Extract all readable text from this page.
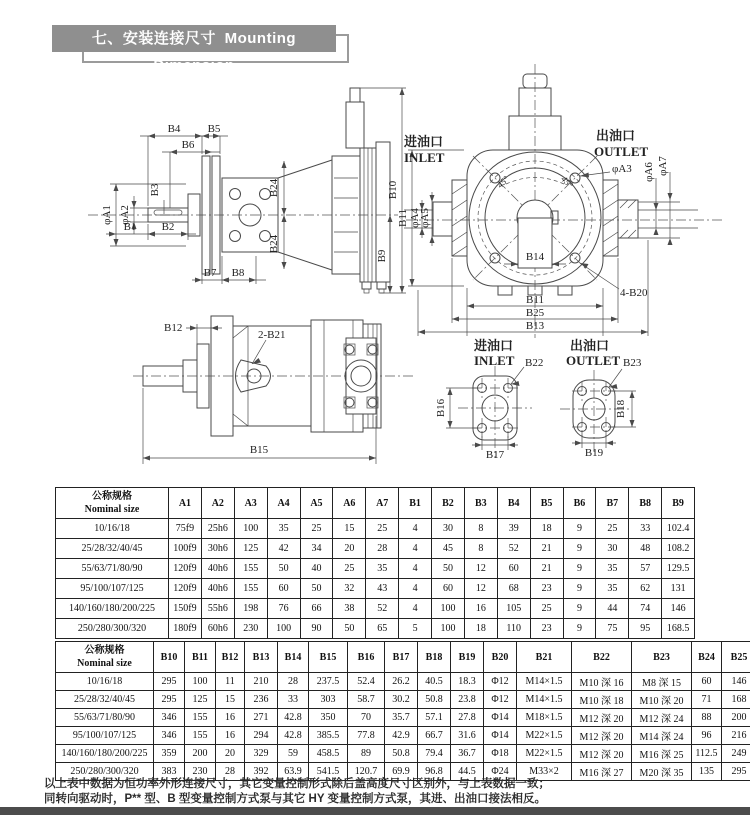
七、安装连接尺寸 Mounting Dimension
B4 B5
B6
B3
φA1 φA2
B1 B2
B24
B24
B10
B9
B7 B8
进油口
INLET
出油口
OUTLET
φA3 φA6 φA7
φA4
φA5
B11
B14
4-B20
45°	45°
B11
B25
B13
B12
2-B21
B15
进油口
INLET
出油口
OUTLET
B22	B23
B16
B17
B18
B19
公称规格
Nominal size	A1	A2	A3	A4	A5	A6	A7	B1	B2	B3	B4	B5	B6	B7	B8	B9
10/16/18	75f9	25h6	100	35	25	15	25	4	30	8	39	18	9	25	33	102.4
25/28/32/40/45	100f9	30h6	125	42	34	20	28	4	45	8	52	21	9	30	48	108.2
55/63/71/80/90	120f9	40h6	155	50	40	25	35	4	50	12	60	21	9	35	57	129.5
95/100/107/125	120f9	40h6	155	60	50	32	43	4	60	12	68	23	9	35	62	131
140/160/180/200/225	150f9	55h6	198	76	66	38	52	4	100	16	105	25	9	44	74	146
250/280/300/320	180f9	60h6	230	100	90	50	65	5	100	18	110	23	9	75	95	168.5
公称规格
Nominal size	B10	B11	B12	B13	B14	B15	B16	B17	B18	B19	B20	B21	B22	B23	B24	B25
10/16/18	295	100	11	210	28	237.5	52.4	26.2	40.5	18.3	Φ12	M14×1.5	M10 深 16	M8 深 15	60	146
25/28/32/40/45	295	125	15	236	33	303	58.7	30.2	50.8	23.8	Φ12	M14×1.5	M10 深 18	M10 深 20	71	168
55/63/71/80/90	346	155	16	271	42.8	350	70	35.7	57.1	27.8	Φ14	M18×1.5	M12 深 20	M12 深 24	88	200
95/100/107/125	346	155	16	294	42.8	385.5	77.8	42.9	66.7	31.6	Φ14	M22×1.5	M12 深 20	M14 深 24	96	216
140/160/180/200/225	359	200	20	329	59	458.5	89	50.8	79.4	36.7	Φ18	M22×1.5	M12 深 20	M16 深 25	112.5	249
250/280/300/320	383	230	28	392	63.9	541.5	120.7	69.9	96.8	44.5	Φ24	M33×2	M16 深 27	M20 深 35	135	295
以上表中数据为恒功率外形连接尺寸，其它变量控制形式除后盖高度尺寸区别外，与上表数据一致；
同转向驱动时，P** 型、B 型变量控制方式泵与其它 HY 变量控制方式泵，其进、出油口接法相反。
